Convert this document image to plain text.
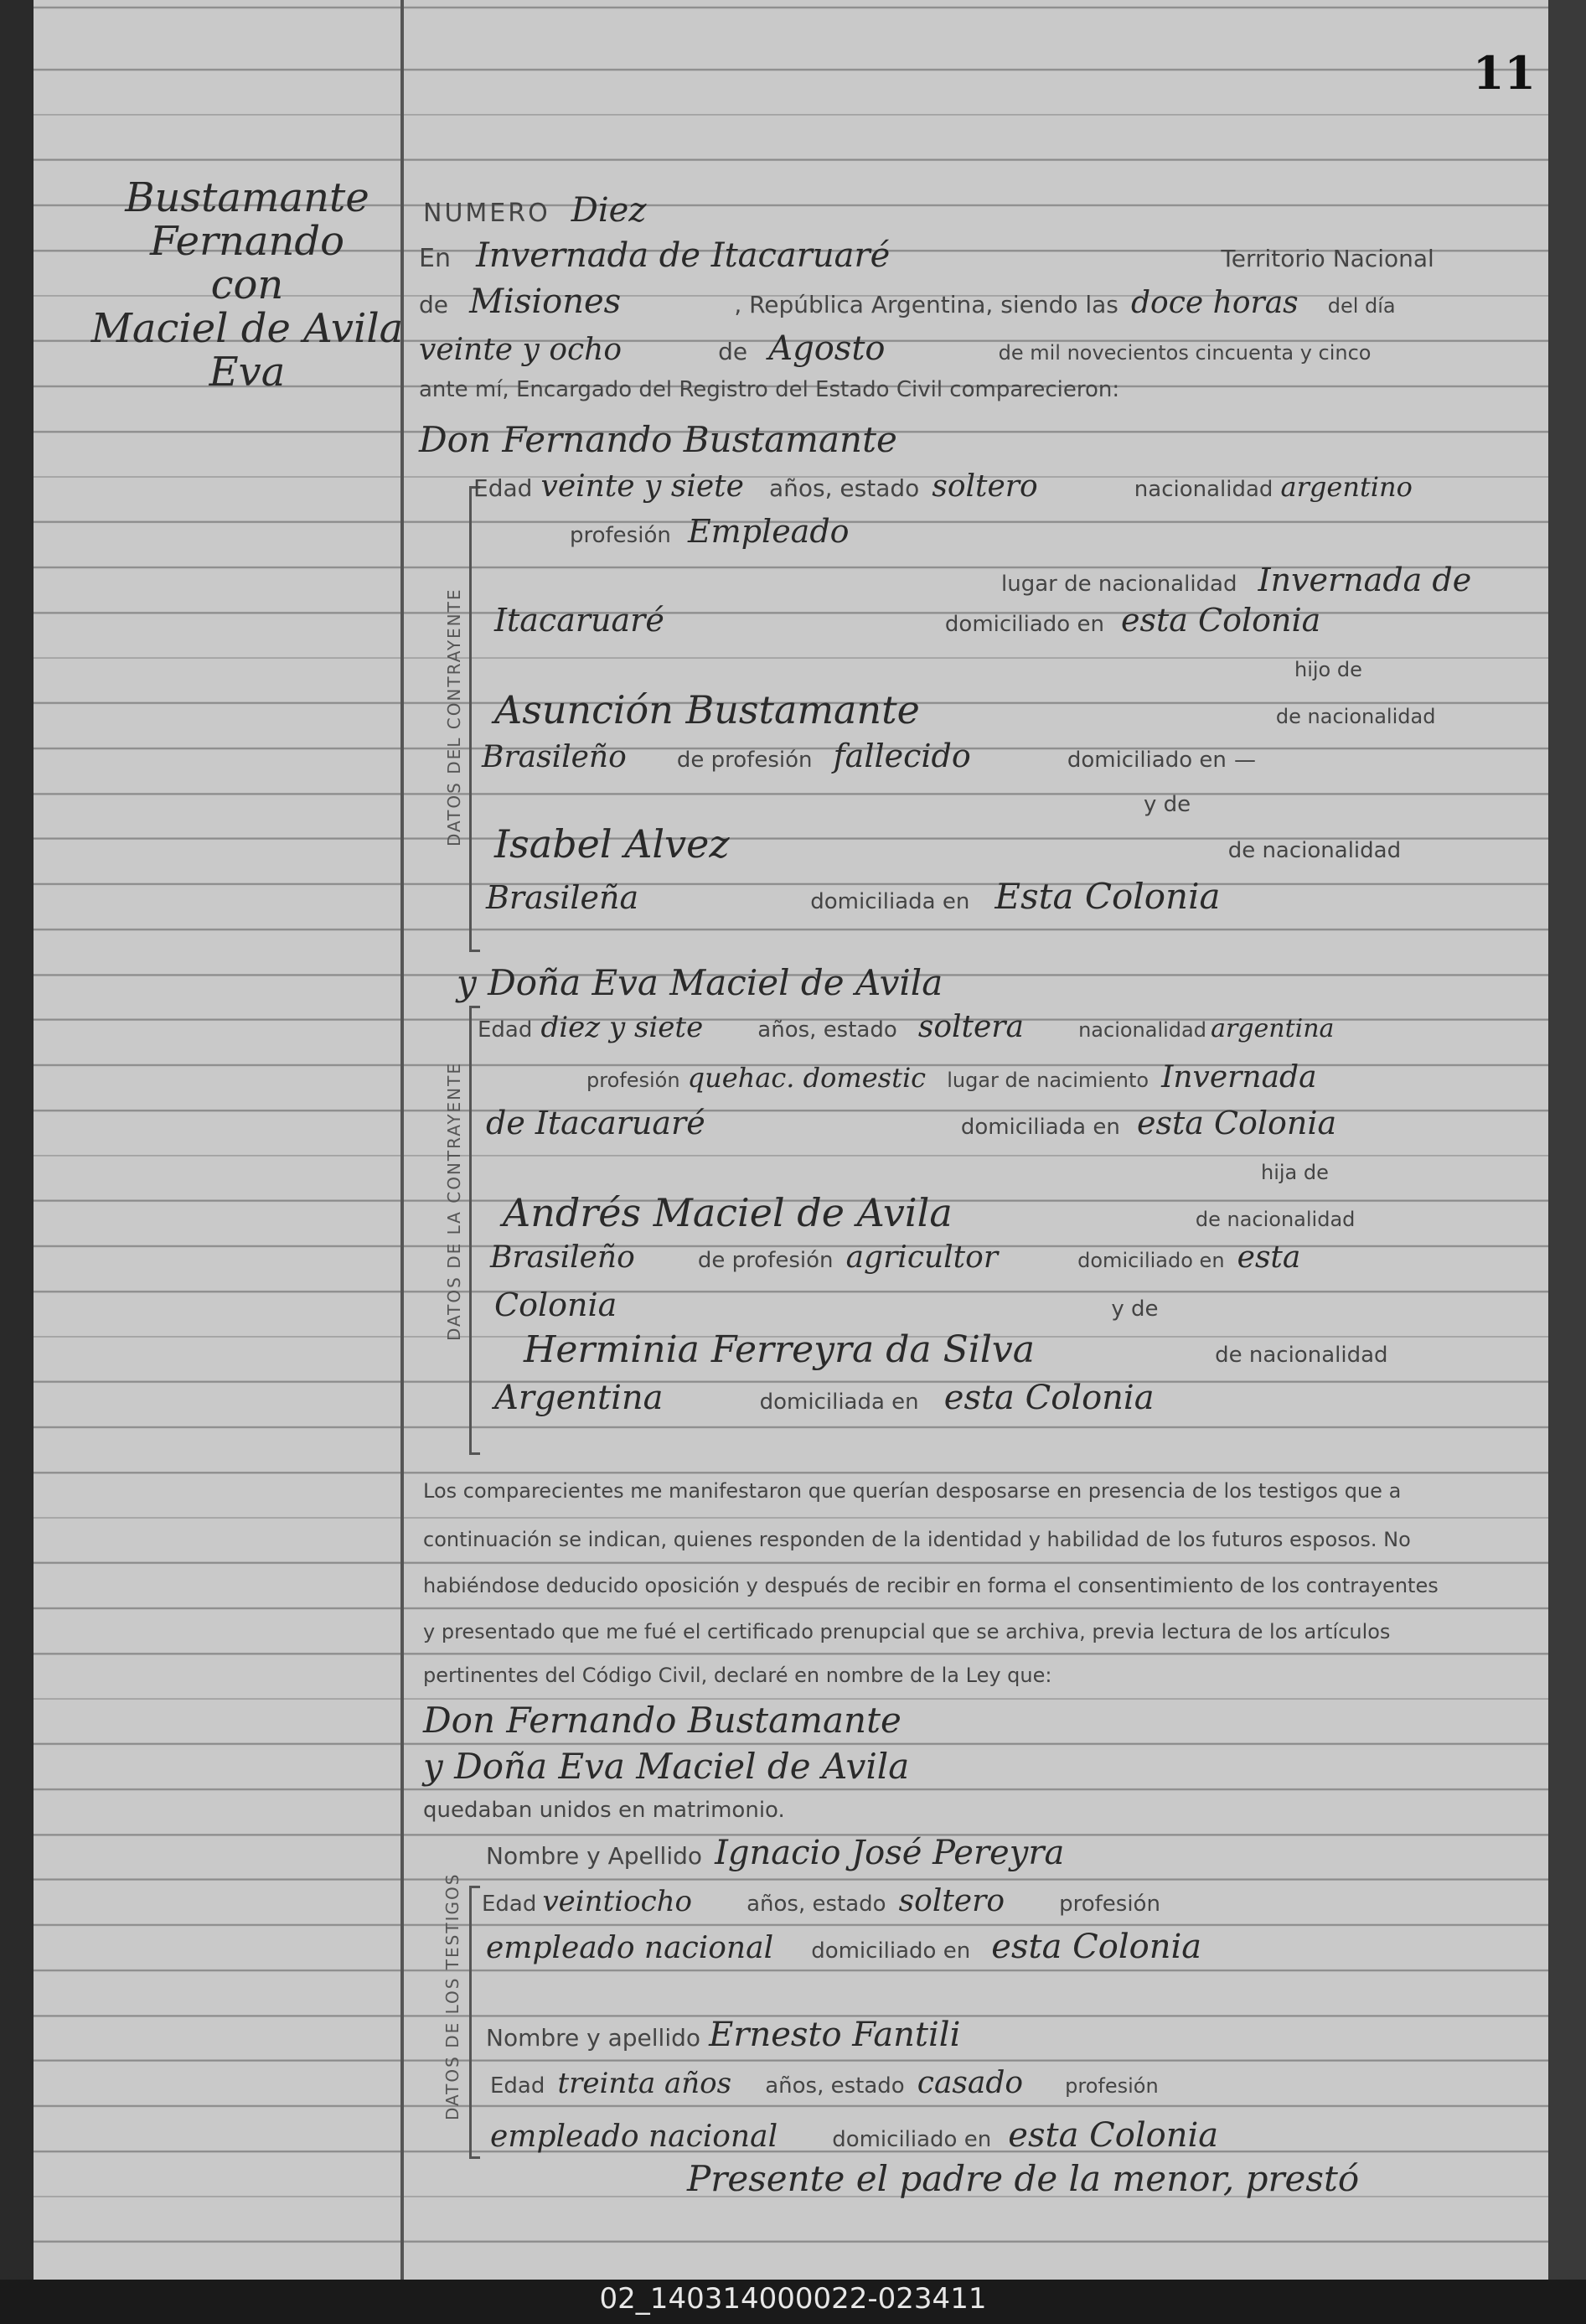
11
Bustamante
Fernando
con
Maciel de Avila
Eva
NUMERO Diez
En Invernada de Itacaruaré	Territorio Nacional
de Misiones	, República Argentina, siendo las doce horas del día
veinte y ocho	de Agosto	de mil novecientos cincuenta y cinco
ante mí, Encargado del Registro del Estado Civil comparecieron:
Don Fernando Bustamante
DATOS DEL CONTRAYENTE
Edad veinte y siete años, estado soltero	nacionalidad argentino
profesión Empleado
lugar de nacionalidad Invernada de
Itacaruaré	domiciliado en esta Colonia
hijo de
Asunción Bustamante	de nacionalidad
Brasileño de profesión fallecido	domiciliado en —
y de
Isabel Alvez	de nacionalidad
Brasileña	domiciliada en Esta Colonia
y Doña Eva Maciel de Avila
DATOS DE LA CONTRAYENTE
Edad diez y siete	años, estado soltera	nacionalidad argentina
profesión quehac. domestic lugar de nacimiento Invernada
de Itacaruaré	domiciliada en esta Colonia
hija de
Andrés Maciel de Avila	de nacionalidad
Brasileño	de profesión agricultor	domiciliado en esta
Colonia	y de
Herminia Ferreyra da Silva	de nacionalidad
Argentina	domiciliada en esta Colonia
Los comparecientes me manifestaron que querían desposarse en presencia de los testigos que a
continuación se indican, quienes responden de la identidad y habilidad de los futuros esposos. No
habiéndose deducido oposición y después de recibir en forma el consentimiento de los contrayentes
y presentado que me fué el certificado prenupcial que se archiva, previa lectura de los artículos
pertinentes del Código Civil, declaré en nombre de la Ley que:
Don Fernando Bustamante
y Doña Eva Maciel de Avila
quedaban unidos en matrimonio.
DATOS DE LOS TESTIGOS
Nombre y Apellido Ignacio José Pereyra
Edad veintiocho	años, estado soltero	profesión
empleado nacional domiciliado en esta Colonia
Nombre y apellido Ernesto Fantili
Edad treinta años años, estado casado profesión
empleado nacional	domiciliado en esta Colonia
Presente el padre de la menor, prestó
02_140314000022-023411
